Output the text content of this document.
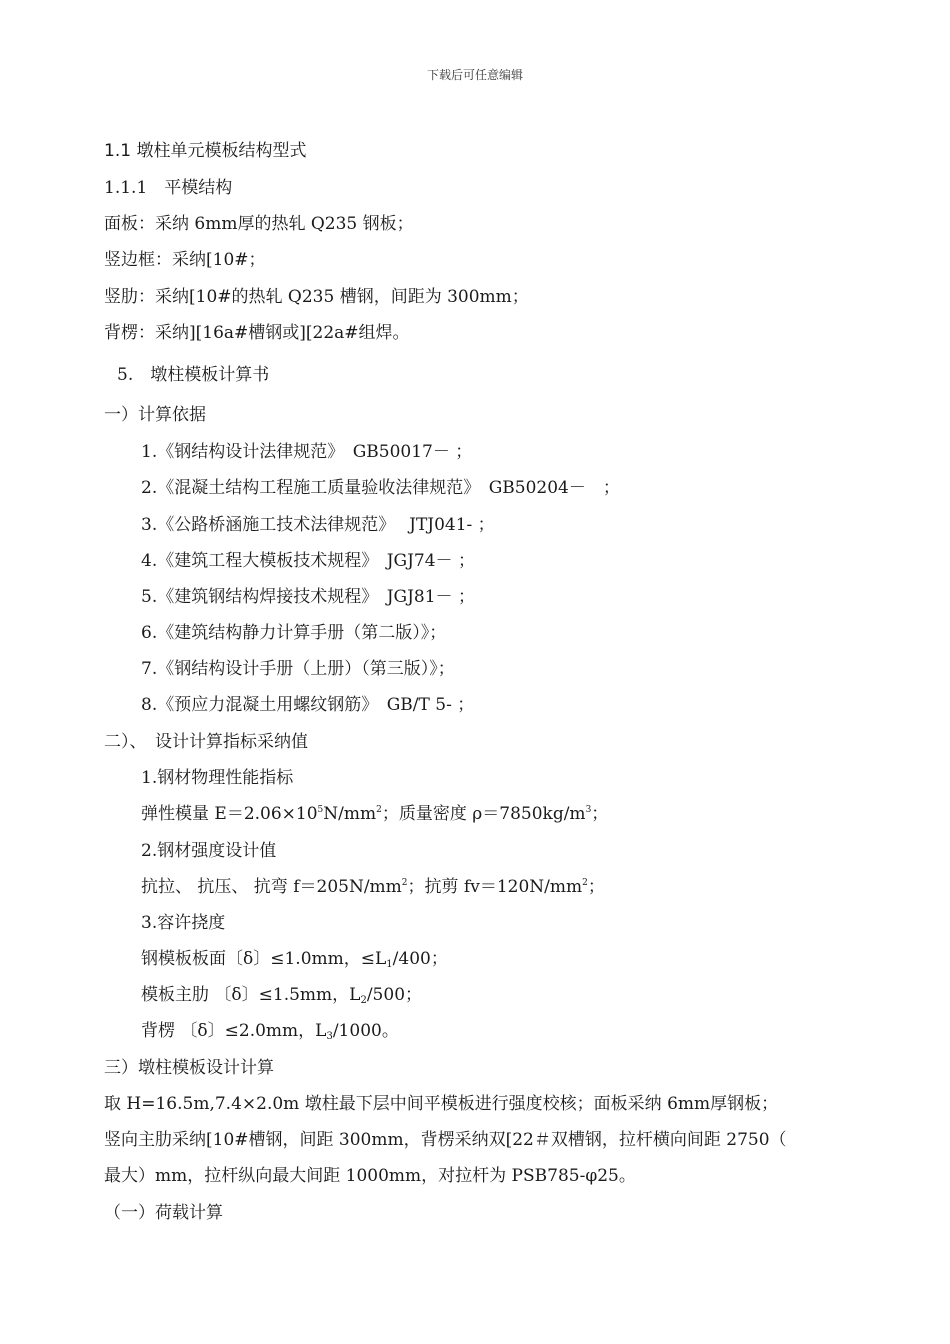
下载后可任意编辑
1.1 墩柱单元模板结构型式
1.1.1　平模结构
面板：采纳 6mm厚的热轧 Q235 钢板；
竖边框：采纳[10#；
竖肋：采纳[10#的热轧 Q235 槽钢，间距为 300mm；
背楞：采纳][16a#槽钢或][22a#组焊。
5.　墩柱模板计算书
一）计算依据
1.《钢结构设计法律规范》　GB50017－ ；
2.《混凝土结构工程施工质量验收法律规范》　GB50204－　；
3.《公路桥涵施工技术法律规范》　 JTJ041- ；
4.《建筑工程大模板技术规程》　JGJ74－ ；
5.《建筑钢结构焊接技术规程》　JGJ81－ ；
6.《建筑结构静力计算手册（第二版）》；
7.《钢结构设计手册（上册）（第三版）》；
8.《预应力混凝土用螺纹钢筋》　GB/T 5- ；
二）、　设计计算指标采纳值
1.钢材物理性能指标
弹性模量 $E=2.06\times 10^5N/mm^2$；质量密度 $\rho=7850kg/m^3$；
2.钢材强度设计值
抗拉、 抗压、 抗弯 $f=205N/mm^2$；抗剪 $fv=120N/mm^2$；
3.容许挠度
钢模板板面〔δ〕≤1.0mm，$\le L_1/400$；
模板主肋 〔δ〕≤1.5mm，$L_2/500$；
背楞 〔δ〕≤2.0mm，$L_3/1000$。
三）墩柱模板设计计算
取 H=16.5m,7.4×2.0m 墩柱最下层中间平模板进行强度校核；面板采纳 6mm厚钢板；
竖向主肋采纳[10#槽钢，间距 300mm，背楞采纳双[22＃双槽钢，拉杆横向间距 2750（
最大）mm，拉杆纵向最大间距 1000mm，对拉杆为 PSB785-φ25。
（一）荷载计算
